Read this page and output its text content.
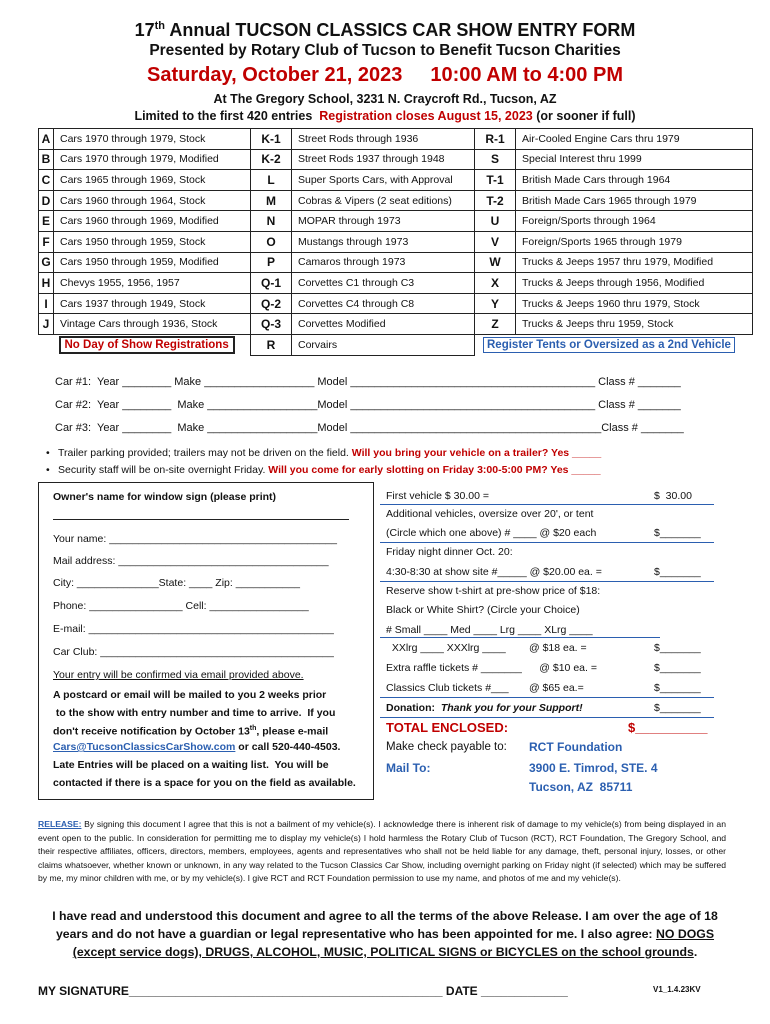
17th Annual TUCSON CLASSICS CAR SHOW ENTRY FORM
Presented by Rotary Club of Tucson to Benefit Tucson Charities
Saturday, October 21, 2023 10:00 AM to 4:00 PM
At The Gregory School, 3231 N. Craycroft Rd., Tucson, AZ
Limited to the first 420 entries Registration closes August 15, 2023 (or sooner if full)
A	Cars 1970 through 1979, Stock	K-1	Street Rods through 1936	R-1	Air-Cooled Engine Cars thru 1979
B	Cars 1970 through 1979, Modified	K-2	Street Rods 1937 through 1948	S	Special Interest thru 1999
C	Cars 1965 through 1969, Stock	L	Super Sports Cars, with Approval	T-1	British Made Cars through 1964
D	Cars 1960 through 1964, Stock	M	Cobras & Vipers (2 seat editions)	T-2	British Made Cars 1965 through 1979
E	Cars 1960 through 1969, Modified	N	MOPAR through 1973	U	Foreign/Sports through 1964
F	Cars 1950 through 1959, Stock	O	Mustangs through 1973	V	Foreign/Sports 1965 through 1979
G	Cars 1950 through 1959, Modified	P	Camaros through 1973	W	Trucks & Jeeps 1957 thru 1979, Modified
H	Chevys 1955, 1956, 1957	Q-1	Corvettes C1 through C3	X	Trucks & Jeeps through 1956, Modified
I	Cars 1937 through 1949, Stock	Q-2	Corvettes C4 through C8	Y	Trucks & Jeeps 1960 thru 1979, Stock
J	Vintage Cars through 1936, Stock	Q-3	Corvettes Modified	Z	Trucks & Jeeps thru 1959, Stock
No Day of Show Registrations		R	Corvairs	Register Tents or Oversized as a 2nd Vehicle	
Car #1:  Year ________ Make __________________ Model ________________________________________ Class # _______
Car #2:  Year ________  Make __________________Model ________________________________________ Class # _______
Car #3:  Year ________  Make __________________Model _________________________________________Class # _______
• Trailer parking provided; trailers may not be driven on the field. Will you bring your vehicle on a trailer? Yes _____
• Security staff will be on-site overnight Friday. Will you come for early slotting on Friday 3:00-5:00 PM? Yes _____
Owner's name for window sign (please print)
Your name: _______________________________________
Mail address: ____________________________________
City: ______________State: ____ Zip: ___________
Phone: ________________ Cell: _________________
E-mail: __________________________________________
Car Club: ________________________________________
Your entry will be confirmed via email provided above.
A postcard or email will be mailed to you 2 weeks prior
to the show with entry number and time to arrive.  If you
don't receive notification by October 13th, please e-mail
Cars@TucsonClassicsCarShow.com or call 520-440-4503.
Late Entries will be placed on a waiting list.  You will be
contacted if there is a space for you on the field as available.
First vehicle $ 30.00 =	$  30.00
Additional vehicles, oversize over 20', or tent
(Circle which one above) # ____ @ $20 each	$_______
Friday night dinner Oct. 20:
4:30-8:30 at show site #_____ @ $20.00 ea. =	$_______
Reserve show t-shirt at pre-show price of $18:
Black or White Shirt? (Circle your Choice)
# Small ____ Med ____ Lrg ____ XLrg ____
XXlrg ____ XXXlrg ____        @ $18 ea. =	$_______
Extra raffle tickets # _______      @ $10 ea. =	$_______
Classics Club tickets #___       @ $65 ea.=	$_______
Donation:  Thank you for your Support!	$_______
TOTAL ENCLOSED:	$__________
Make check payable to: RCT Foundation
Mail To:	3900 E. Timrod, STE. 4
Tucson, AZ  85711
RELEASE: By signing this document I agree that this is not a bailment of my vehicle(s). I acknowledge there is inherent risk of damage to my vehicle(s) from being displayed in an event open to the public. In consideration for permitting me to display my vehicle(s) I hold harmless the Rotary Club of Tucson (RCT), RCT Foundation, The Gregory School, and their respective affiliates, officers, directors, members, employees, agents and representatives who shall not be held liable for any damage, theft, personal injury, losses, or other claims whatsoever, whether known or unknown, in any way related to the Tucson Classics Car Show, including overnight parking on Friday night (if selected) which may be suffered by me, my minor children with me, or by my vehicle(s). I give RCT and RCT Foundation permission to use my name, and photos of me and my vehicle(s).
I have read and understood this document and agree to all the terms of the above Release. I am over the age of 18
years and do not have a guardian or legal representative who has been appointed for me. I also agree: NO DOGS
(except service dogs), DRUGS, ALCOHOL, MUSIC, POLITICAL SIGNS or BICYCLES on the school grounds.
MY SIGNATURE_______________________________________________ DATE _____________	V1_1.4.23KV
